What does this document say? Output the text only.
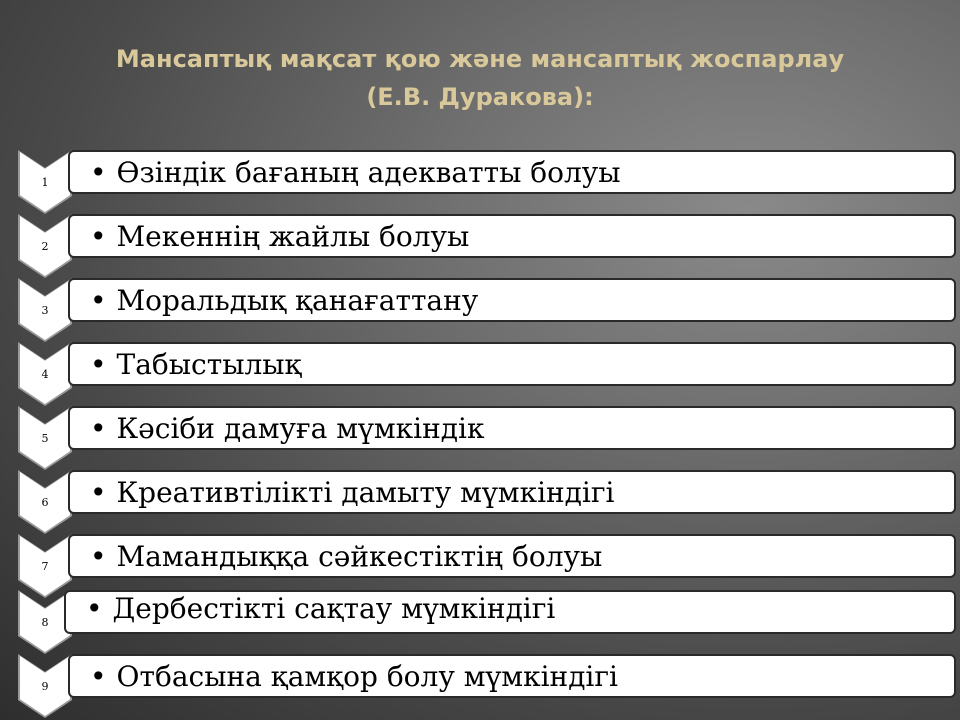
Мансаптық мақсат қою және мансаптық жоспарлау
(Е.В. Дуракова):
1	• Өзіндік бағаның адекватты болуы
2	• Мекеннің жайлы болуы
3	• Моральдық қанағаттану
4	• Табыстылық
5	• Кәсіби дамуға мүмкіндік
6	• Креативтілікті дамыту мүмкіндігі
7	• Мамандыққа сәйкестіктің болуы
8	• Дербестікті сақтау мүмкіндігі
9	• Отбасына қамқор болу мүмкіндігі
